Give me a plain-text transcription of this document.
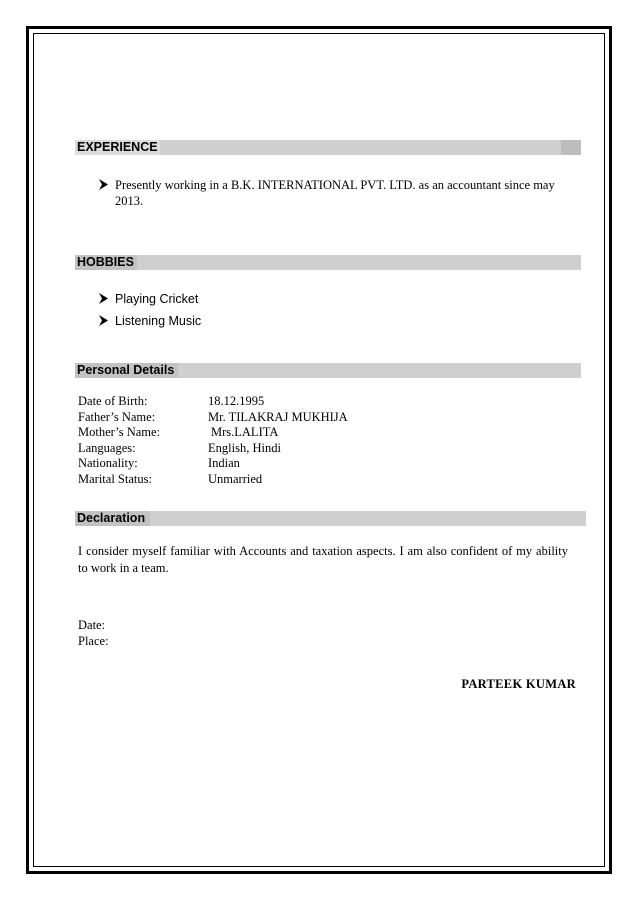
EXPERIENCE
Presently working in a B.K. INTERNATIONAL PVT. LTD. as an accountant since may
2013.
HOBBIES
Playing Cricket
Listening Music
Personal Details
Date of Birth:	18.12.1995
Father’s Name:	Mr. TILAKRAJ MUKHIJA
Mother’s Name:	Mrs.LALITA
Languages:	English, Hindi
Nationality:	Indian
Marital Status:	Unmarried
Declaration
I consider myself familiar with Accounts and taxation aspects. I am also confident of my ability to work in a team.
Date:
Place:
PARTEEK KUMAR
